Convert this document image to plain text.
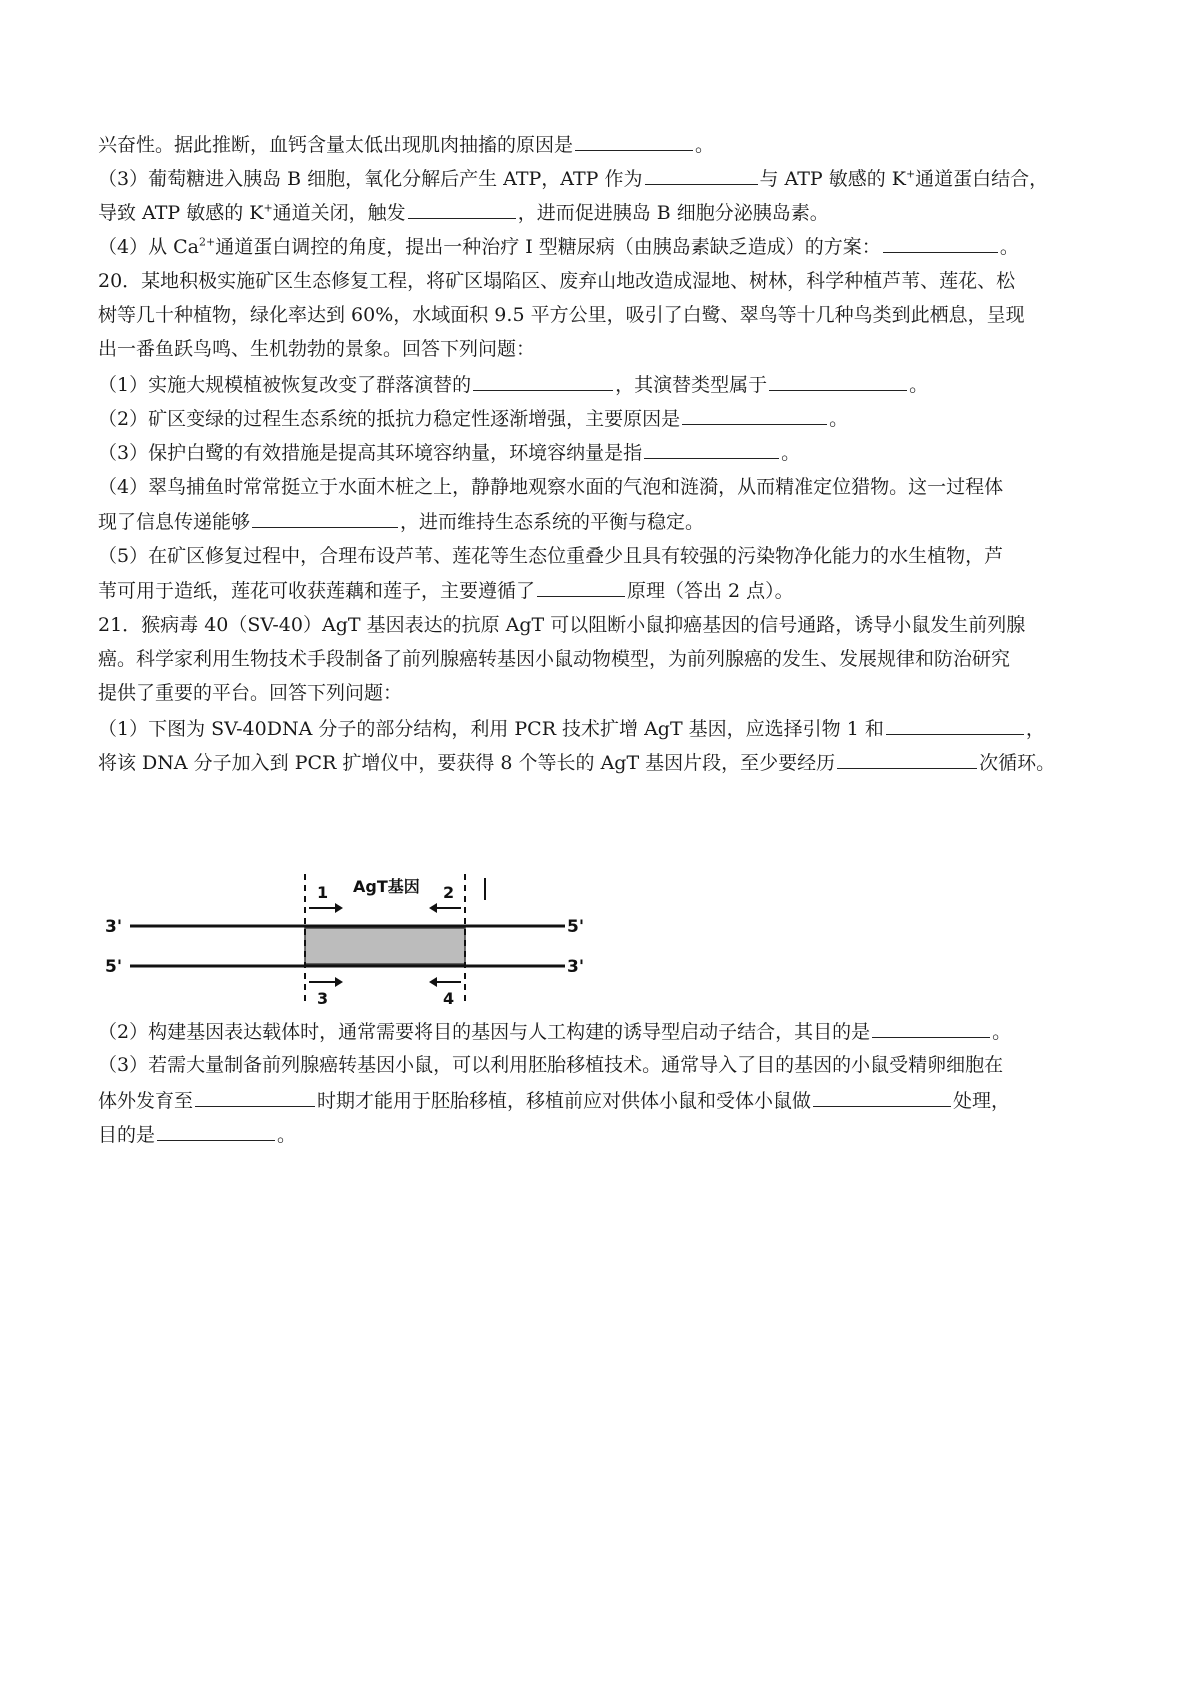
兴奋性。据此推断，血钙含量太低出现肌肉抽搐的原因是	。
（3）葡萄糖进入胰岛 B 细胞，氧化分解后产生 ATP，ATP 作为	与 ATP 敏感的 K+通道蛋白结合，
导致 ATP 敏感的 K+通道关闭，触发	，进而促进胰岛 B 细胞分泌胰岛素。
（4）从 $Ca^{2+}$通道蛋白调控的角度，提出一种治疗 I 型糖尿病（由胰岛素缺乏造成）的方案：	。
20．某地积极实施矿区生态修复工程，将矿区塌陷区、废弃山地改造成湿地、树林，科学种植芦苇、莲花、松
树等几十种植物，绿化率达到 60%，水域面积 9.5 平方公里，吸引了白鹭、翠鸟等十几种鸟类到此栖息，呈现
出一番鱼跃鸟鸣、生机勃勃的景象。回答下列问题：
（1）实施大规模植被恢复改变了群落演替的	，其演替类型属于	。
（2）矿区变绿的过程生态系统的抵抗力稳定性逐渐增强，主要原因是	。
（3）保护白鹭的有效措施是提高其环境容纳量，环境容纳量是指	。
（4）翠鸟捕鱼时常常挺立于水面木桩之上，静静地观察水面的气泡和涟漪，从而精准定位猎物。这一过程体
现了信息传递能够	，进而维持生态系统的平衡与稳定。
（5）在矿区修复过程中，合理布设芦苇、莲花等生态位重叠少且具有较强的污染物净化能力的水生植物，芦
苇可用于造纸，莲花可收获莲藕和莲子，主要遵循了	原理（答出 2 点）。
21．猴病毒 40（SV-40）AgT 基因表达的抗原 AgT 可以阻断小鼠抑癌基因的信号通路，诱导小鼠发生前列腺
癌。科学家利用生物技术手段制备了前列腺癌转基因小鼠动物模型，为前列腺癌的发生、发展规律和防治研究
提供了重要的平台。回答下列问题：
（1）下图为 SV-40DNA 分子的部分结构，利用 PCR 技术扩增 AgT 基因，应选择引物 1 和	，
将该 DNA 分子加入到 PCR 扩增仪中，要获得 8 个等长的 AgT 基因片段，至少要经历	次循环。
3'	5'
5'	3'
AgT基因
1	2
3	4
（2）构建基因表达载体时，通常需要将目的基因与人工构建的诱导型启动子结合，其目的是	。
（3）若需大量制备前列腺癌转基因小鼠，可以利用胚胎移植技术。通常导入了目的基因的小鼠受精卵细胞在
体外发育至	时期才能用于胚胎移植，移植前应对供体小鼠和受体小鼠做	处理，
目的是	。
